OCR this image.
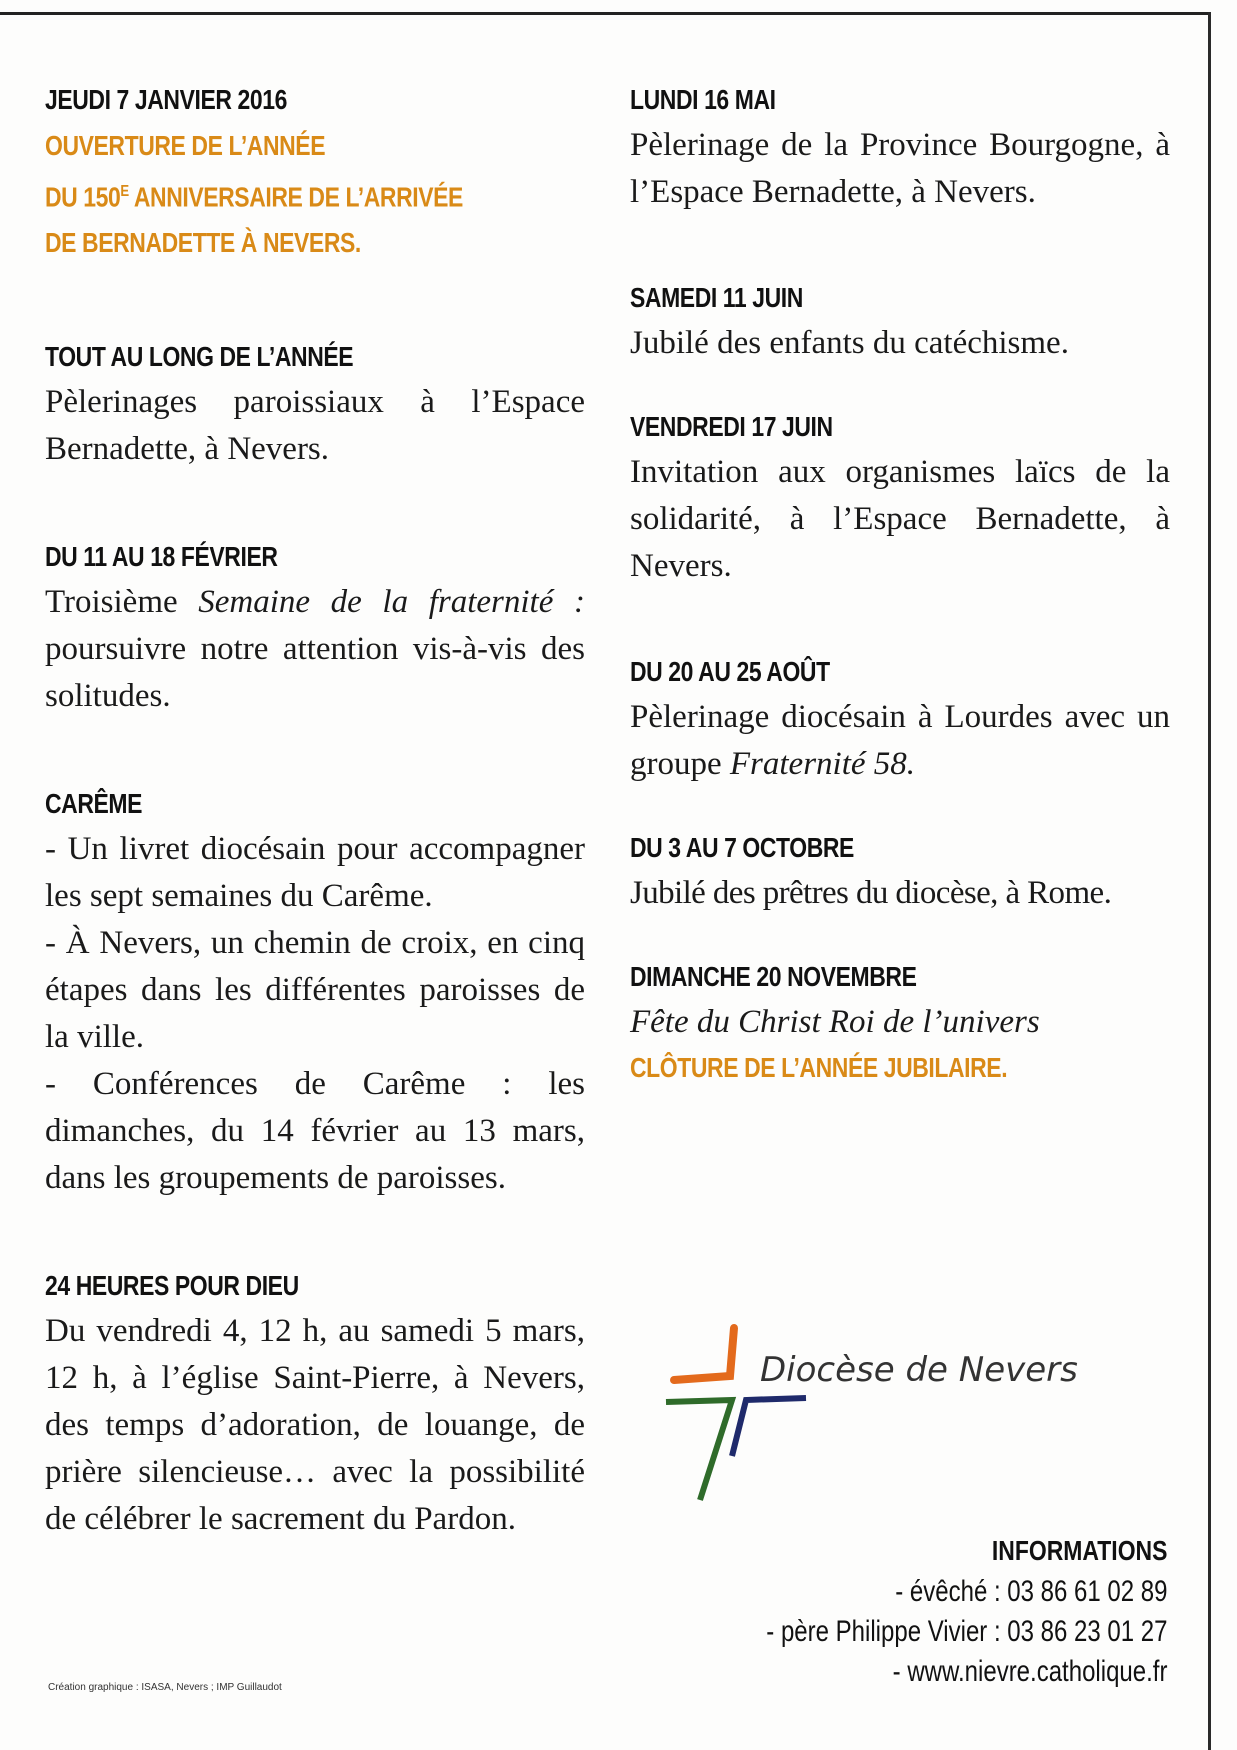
JEUDI 7 JANVIER 2016
OUVERTURE DE L’ANNÉE
DU $150^E$ ANNIVERSAIRE DE L’ARRIVÉE
DE BERNADETTE À NEVERS.
TOUT AU LONG DE L’ANNÉE
Pèlerinages paroissiaux à l’Espace Bernadette, à Nevers.
DU 11 AU 18 FÉVRIER
Troisième Semaine de la fraternité : poursuivre notre attention vis-à-vis des solitudes.
CARÊME
- Un livret diocésain pour accompagner les sept semaines du Carême.
- À Nevers, un chemin de croix, en cinq étapes dans les différentes paroisses de la ville.
- Conférences de Carême : les dimanches, du 14 février au 13 mars, dans les groupements de paroisses.
24 HEURES POUR DIEU
Du vendredi 4, 12 h, au samedi 5 mars, 12 h, à l’église Saint-Pierre, à Nevers, des temps d’adoration, de louange, de prière silencieuse… avec la possibilité de célébrer le sacrement du Pardon.
LUNDI 16 MAI
Pèlerinage de la Province Bourgogne, à l’Espace Bernadette, à Nevers.
SAMEDI 11 JUIN
Jubilé des enfants du catéchisme.
VENDREDI 17 JUIN
Invitation aux organismes laïcs de la solidarité, à l’Espace Bernadette, à Nevers.
DU 20 AU 25 AOÛT
Pèlerinage diocésain à Lourdes avec un groupe Fraternité 58.
DU 3 AU 7 OCTOBRE
Jubilé des prêtres du diocèse, à Rome.
DIMANCHE 20 NOVEMBRE
Fête du Christ Roi de l’univers
CLÔTURE DE L’ANNÉE JUBILAIRE.
Diocèse de Nevers
INFORMATIONS
- évêché : 03 86 61 02 89
- père Philippe Vivier : 03 86 23 01 27
- www.nievre.catholique.fr
Création graphique : ISASA, Nevers ; IMP Guillaudot
